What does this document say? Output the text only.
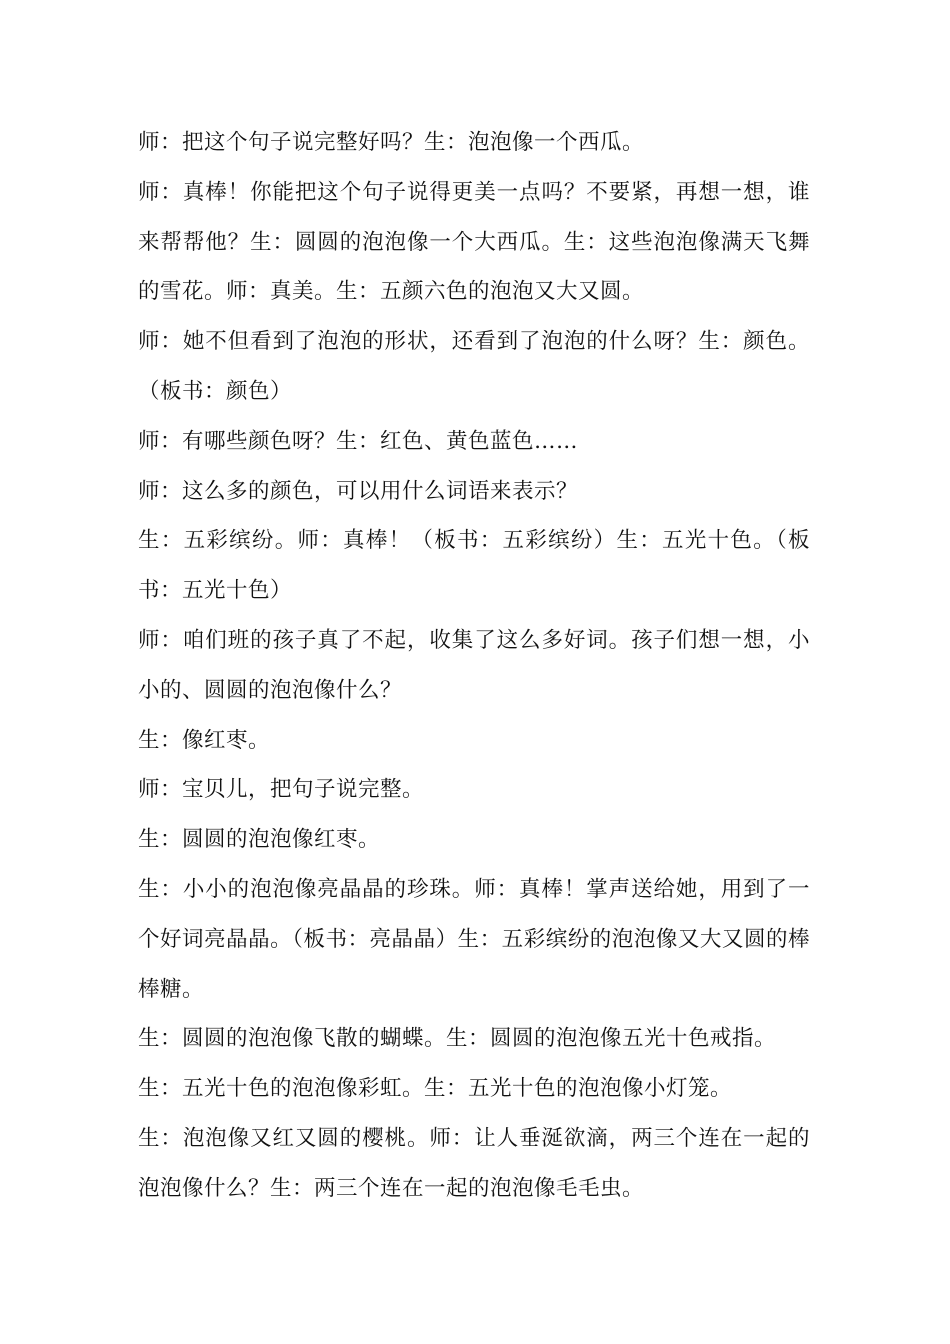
师：把这个句子说完整好吗？生：泡泡像一个西瓜。

师：真棒！你能把这个句子说得更美一点吗？不要紧，再想一想，谁来帮帮他？生：圆圆的泡泡像一个大西瓜。生：这些泡泡像满天飞舞的雪花。师：真美。生：五颜六色的泡泡又大又圆。

师：她不但看到了泡泡的形状，还看到了泡泡的什么呀？生：颜色。（板书：颜色）

师：有哪些颜色呀？生：红色、黄色蓝色……

师：这么多的颜色，可以用什么词语来表示？

生：五彩缤纷。师：真棒！（板书：五彩缤纷）生：五光十色。（板书：五光十色）

师：咱们班的孩子真了不起，收集了这么多好词。孩子们想一想，小小的、圆圆的泡泡像什么？

生：像红枣。

师：宝贝儿，把句子说完整。

生：圆圆的泡泡像红枣。

生：小小的泡泡像亮晶晶的珍珠。师：真棒！掌声送给她，用到了一个好词亮晶晶。（板书：亮晶晶）生：五彩缤纷的泡泡像又大又圆的棒棒糖。

生：圆圆的泡泡像飞散的蝴蝶。生：圆圆的泡泡像五光十色戒指。

生：五光十色的泡泡像彩虹。生：五光十色的泡泡像小灯笼。

生：泡泡像又红又圆的樱桃。师：让人垂涎欲滴，两三个连在一起的泡泡像什么？生：两三个连在一起的泡泡像毛毛虫。
